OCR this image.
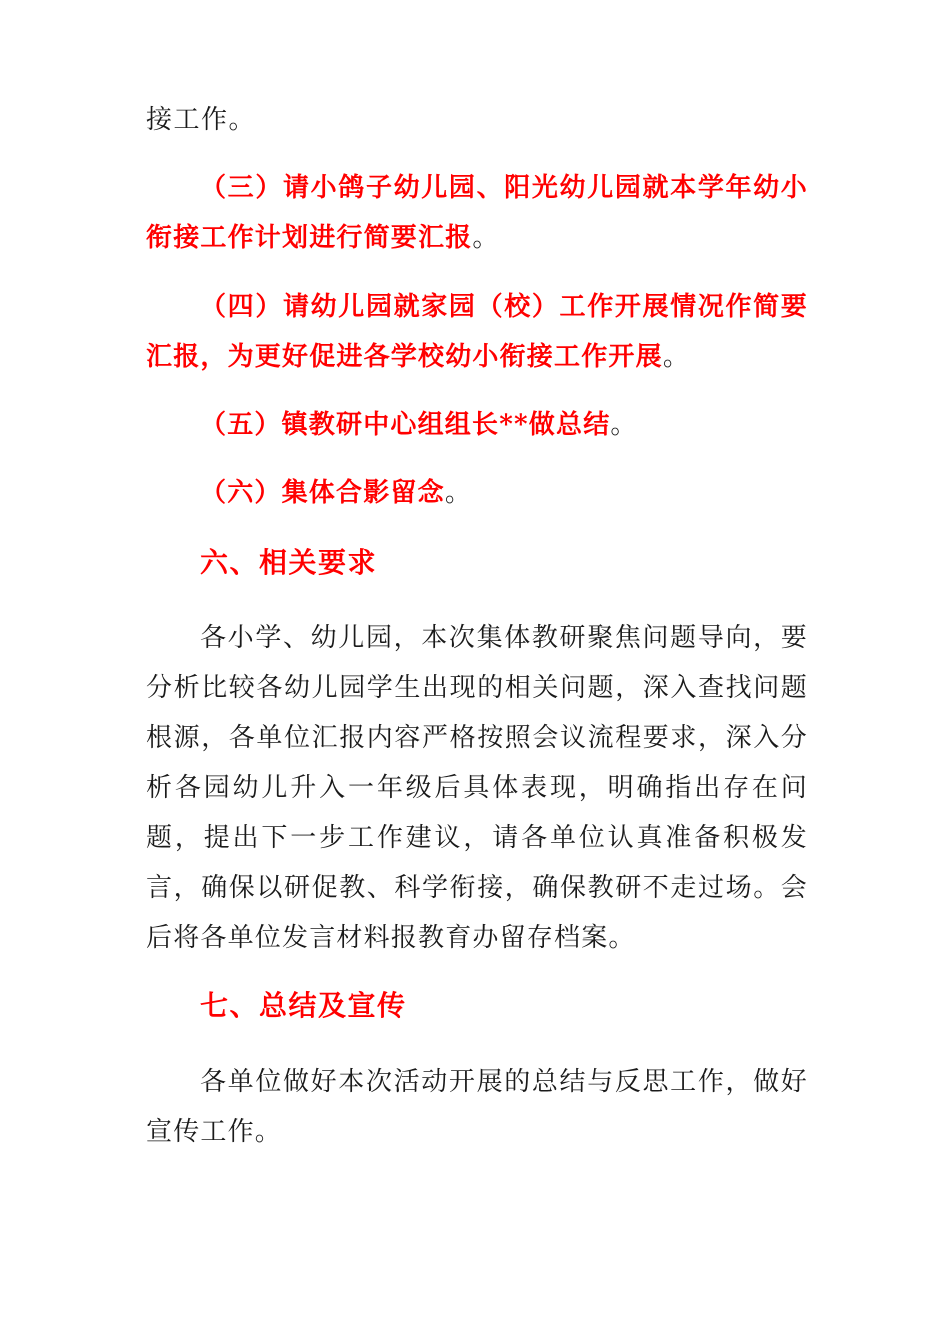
接工作。
（三）请小鸽子幼儿园、阳光幼儿园就本学年幼小衔接工作计划进行简要汇报。
（四）请幼儿园就家园（校）工作开展情况作简要汇报，为更好促进各学校幼小衔接工作开展。
（五）镇教研中心组组长**做总结。
（六）集体合影留念。
六、相关要求
各小学、幼儿园，本次集体教研聚焦问题导向，要分析比较各幼儿园学生出现的相关问题，深入查找问题根源，各单位汇报内容严格按照会议流程要求，深入分析各园幼儿升入一年级后具体表现，明确指出存在问题，提出下一步工作建议，请各单位认真准备积极发言，确保以研促教、科学衔接，确保教研不走过场。会后将各单位发言材料报教育办留存档案。
七、总结及宣传
各单位做好本次活动开展的总结与反思工作，做好宣传工作。
